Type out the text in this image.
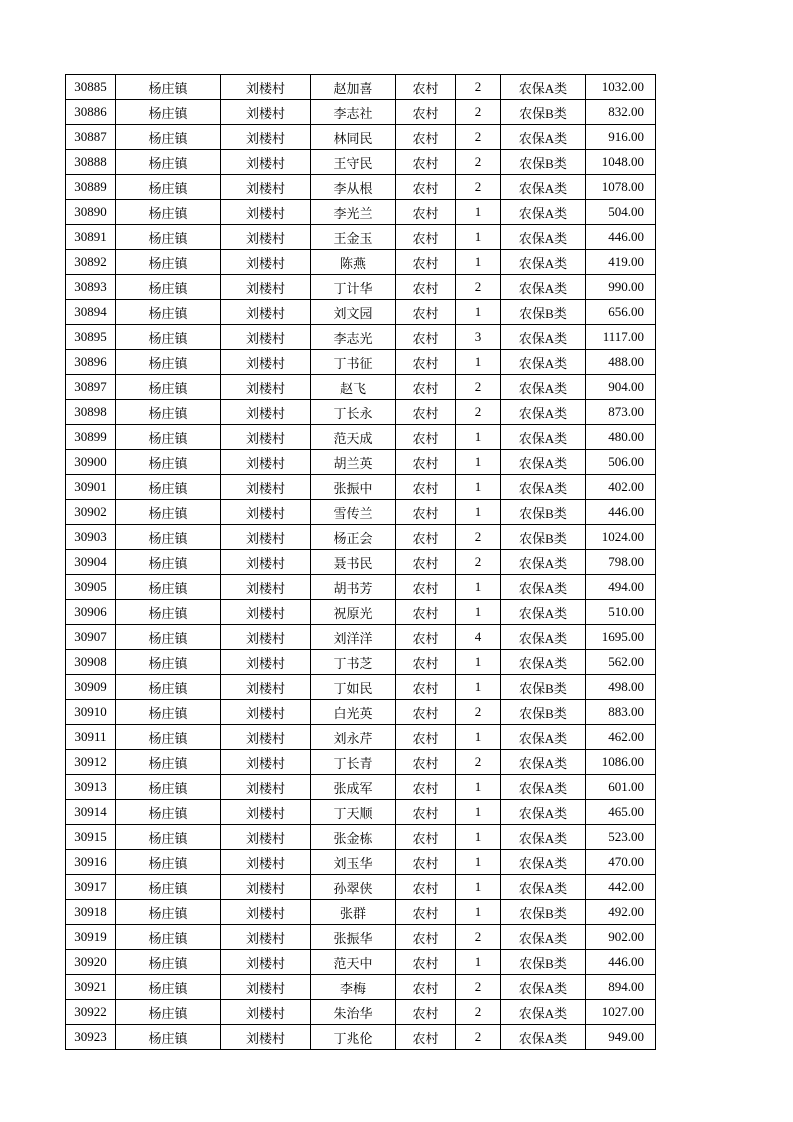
30885	杨庄镇	刘楼村	赵加喜	农村	2	农保A类	1032.00
30886	杨庄镇	刘楼村	李志社	农村	2	农保B类	832.00
30887	杨庄镇	刘楼村	林同民	农村	2	农保A类	916.00
30888	杨庄镇	刘楼村	王守民	农村	2	农保B类	1048.00
30889	杨庄镇	刘楼村	李从根	农村	2	农保A类	1078.00
30890	杨庄镇	刘楼村	李光兰	农村	1	农保A类	504.00
30891	杨庄镇	刘楼村	王金玉	农村	1	农保A类	446.00
30892	杨庄镇	刘楼村	陈燕	农村	1	农保A类	419.00
30893	杨庄镇	刘楼村	丁计华	农村	2	农保A类	990.00
30894	杨庄镇	刘楼村	刘文园	农村	1	农保B类	656.00
30895	杨庄镇	刘楼村	李志光	农村	3	农保A类	1117.00
30896	杨庄镇	刘楼村	丁书征	农村	1	农保A类	488.00
30897	杨庄镇	刘楼村	赵飞	农村	2	农保A类	904.00
30898	杨庄镇	刘楼村	丁长永	农村	2	农保A类	873.00
30899	杨庄镇	刘楼村	范天成	农村	1	农保A类	480.00
30900	杨庄镇	刘楼村	胡兰英	农村	1	农保A类	506.00
30901	杨庄镇	刘楼村	张振中	农村	1	农保A类	402.00
30902	杨庄镇	刘楼村	雪传兰	农村	1	农保B类	446.00
30903	杨庄镇	刘楼村	杨正会	农村	2	农保B类	1024.00
30904	杨庄镇	刘楼村	聂书民	农村	2	农保A类	798.00
30905	杨庄镇	刘楼村	胡书芳	农村	1	农保A类	494.00
30906	杨庄镇	刘楼村	祝原光	农村	1	农保A类	510.00
30907	杨庄镇	刘楼村	刘洋洋	农村	4	农保A类	1695.00
30908	杨庄镇	刘楼村	丁书芝	农村	1	农保A类	562.00
30909	杨庄镇	刘楼村	丁如民	农村	1	农保B类	498.00
30910	杨庄镇	刘楼村	白光英	农村	2	农保B类	883.00
30911	杨庄镇	刘楼村	刘永芹	农村	1	农保A类	462.00
30912	杨庄镇	刘楼村	丁长青	农村	2	农保A类	1086.00
30913	杨庄镇	刘楼村	张成军	农村	1	农保A类	601.00
30914	杨庄镇	刘楼村	丁天顺	农村	1	农保A类	465.00
30915	杨庄镇	刘楼村	张金栋	农村	1	农保A类	523.00
30916	杨庄镇	刘楼村	刘玉华	农村	1	农保A类	470.00
30917	杨庄镇	刘楼村	孙翠侠	农村	1	农保A类	442.00
30918	杨庄镇	刘楼村	张群	农村	1	农保B类	492.00
30919	杨庄镇	刘楼村	张振华	农村	2	农保A类	902.00
30920	杨庄镇	刘楼村	范天中	农村	1	农保B类	446.00
30921	杨庄镇	刘楼村	李梅	农村	2	农保A类	894.00
30922	杨庄镇	刘楼村	朱治华	农村	2	农保A类	1027.00
30923	杨庄镇	刘楼村	丁兆伦	农村	2	农保A类	949.00
